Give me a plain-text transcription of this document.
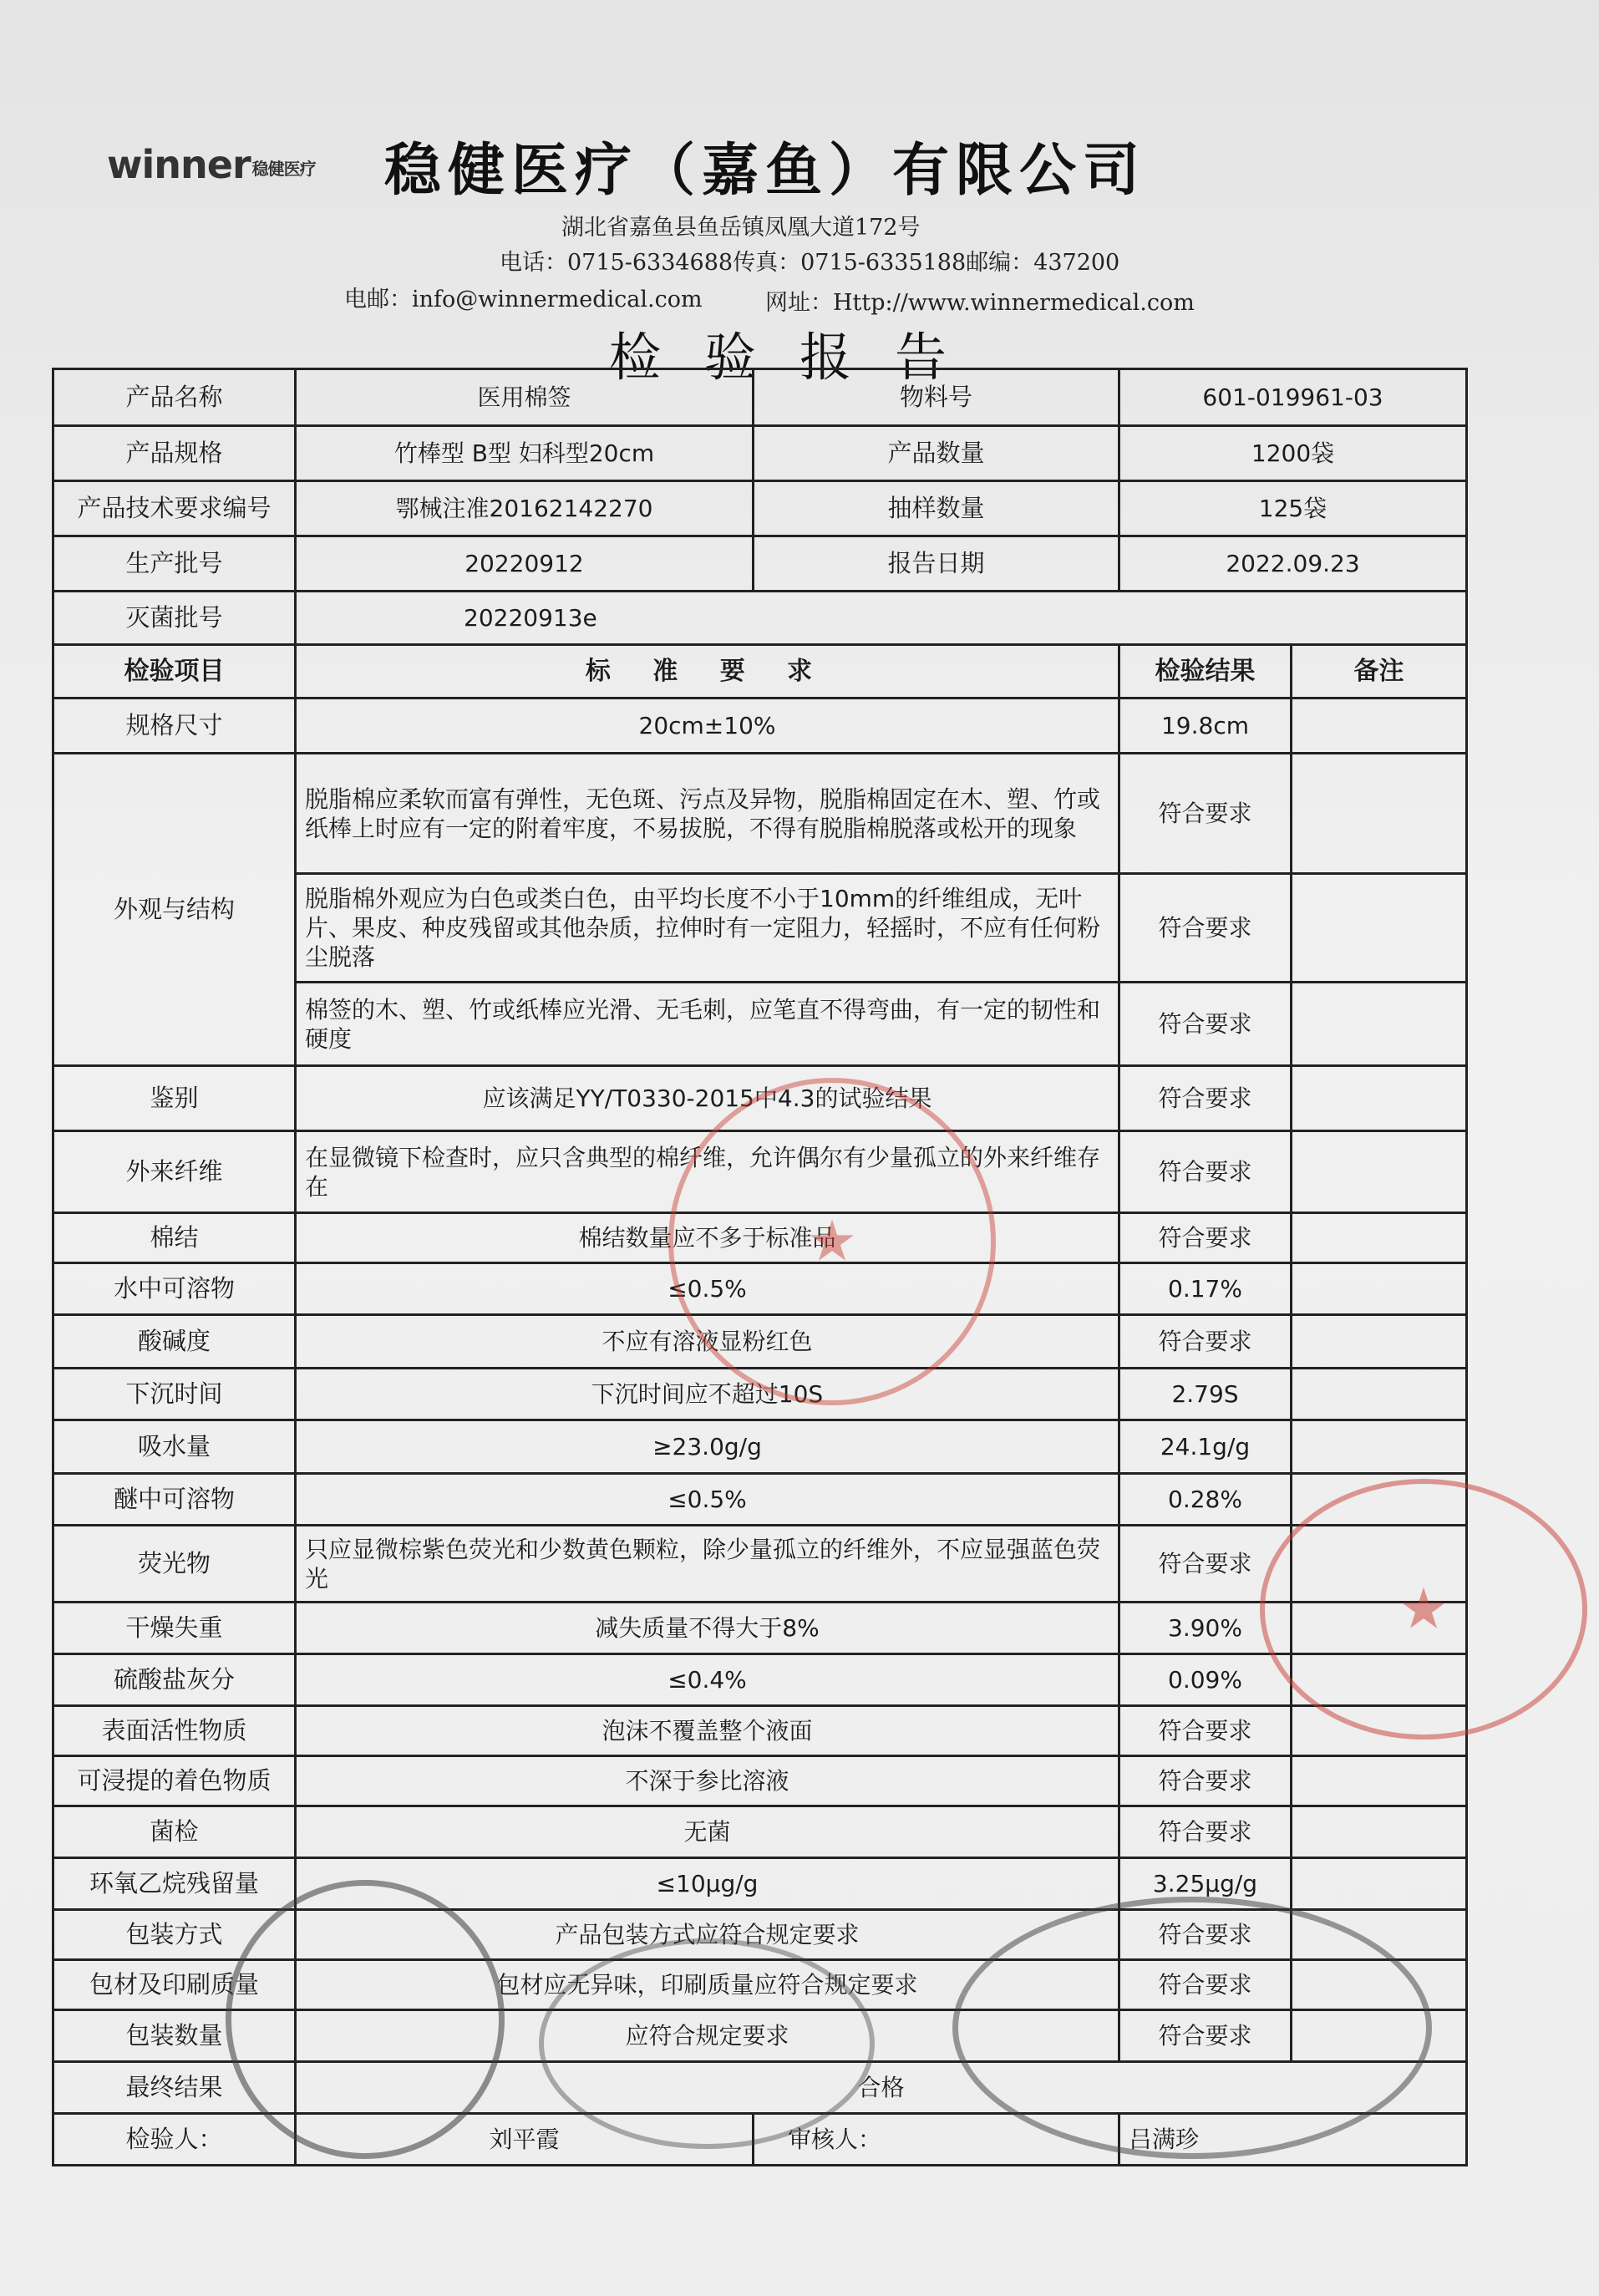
winner 稳健医疗 稳健医疗（嘉鱼）有限公司
湖北省嘉鱼县鱼岳镇凤凰大道172号
电话：0715-6334688传真：0715-6335188邮编：437200
电邮：info@winnermedical.com	网址：Http://www.winnermedical.com
检验报告
产品名称	医用棉签	物料号	601-019961-03	
产品规格	竹棒型 B型 妇科型20cm	产品数量	1200袋	
产品技术要求编号	鄂械注准20162142270	抽样数量	125袋	
生产批号	20220912	报告日期	2022.09.23	
灭菌批号	20220913e			
检验项目	标 准 要 求		检验结果	备注
规格尺寸	20cm±10%		19.8cm	
外观与结构	脱脂棉应柔软而富有弹性，无色斑、污点及异物，脱脂棉固定在木、塑、竹或纸棒上时应有一定的附着牢度，不易拔脱，不得有脱脂棉脱落或松开的现象		符合要求	
	脱脂棉外观应为白色或类白色，由平均长度不小于10mm的纤维组成，无叶片、果皮、种皮残留或其他杂质，拉伸时有一定阻力，轻摇时，不应有任何粉尘脱落		符合要求	
	棉签的木、塑、竹或纸棒应光滑、无毛刺，应笔直不得弯曲，有一定的韧性和硬度		符合要求	
鉴别	应该满足YY/T0330-2015中4.3的试验结果		符合要求	
外来纤维	在显微镜下检查时，应只含典型的棉纤维，允许偶尔有少量孤立的外来纤维存在		符合要求	
棉结	棉结数量应不多于标准品		符合要求	
水中可溶物	≤0.5%		0.17%	
酸碱度	不应有溶液显粉红色		符合要求	
下沉时间	下沉时间应不超过10S		2.79S	
吸水量	≥23.0g/g		24.1g/g	
醚中可溶物	≤0.5%		0.28%	
荧光物	只应显微棕紫色荧光和少数黄色颗粒，除少量孤立的纤维外，不应显强蓝色荧光		符合要求	
干燥失重	减失质量不得大于8%		3.90%	
硫酸盐灰分	≤0.4%		0.09%	
表面活性物质	泡沫不覆盖整个液面		符合要求	
可浸提的着色物质	不深于参比溶液		符合要求	
菌检	无菌		符合要求	
环氧乙烷残留量	≤10μg/g		3.25μg/g	
包装方式	产品包装方式应符合规定要求		符合要求	
包材及印刷质量	包材应无异味，印刷质量应符合规定要求		符合要求	
包装数量	应符合规定要求		符合要求	
最终结果	合格			
检验人：	刘平霞	审核人：	吕满珍	
★
★
